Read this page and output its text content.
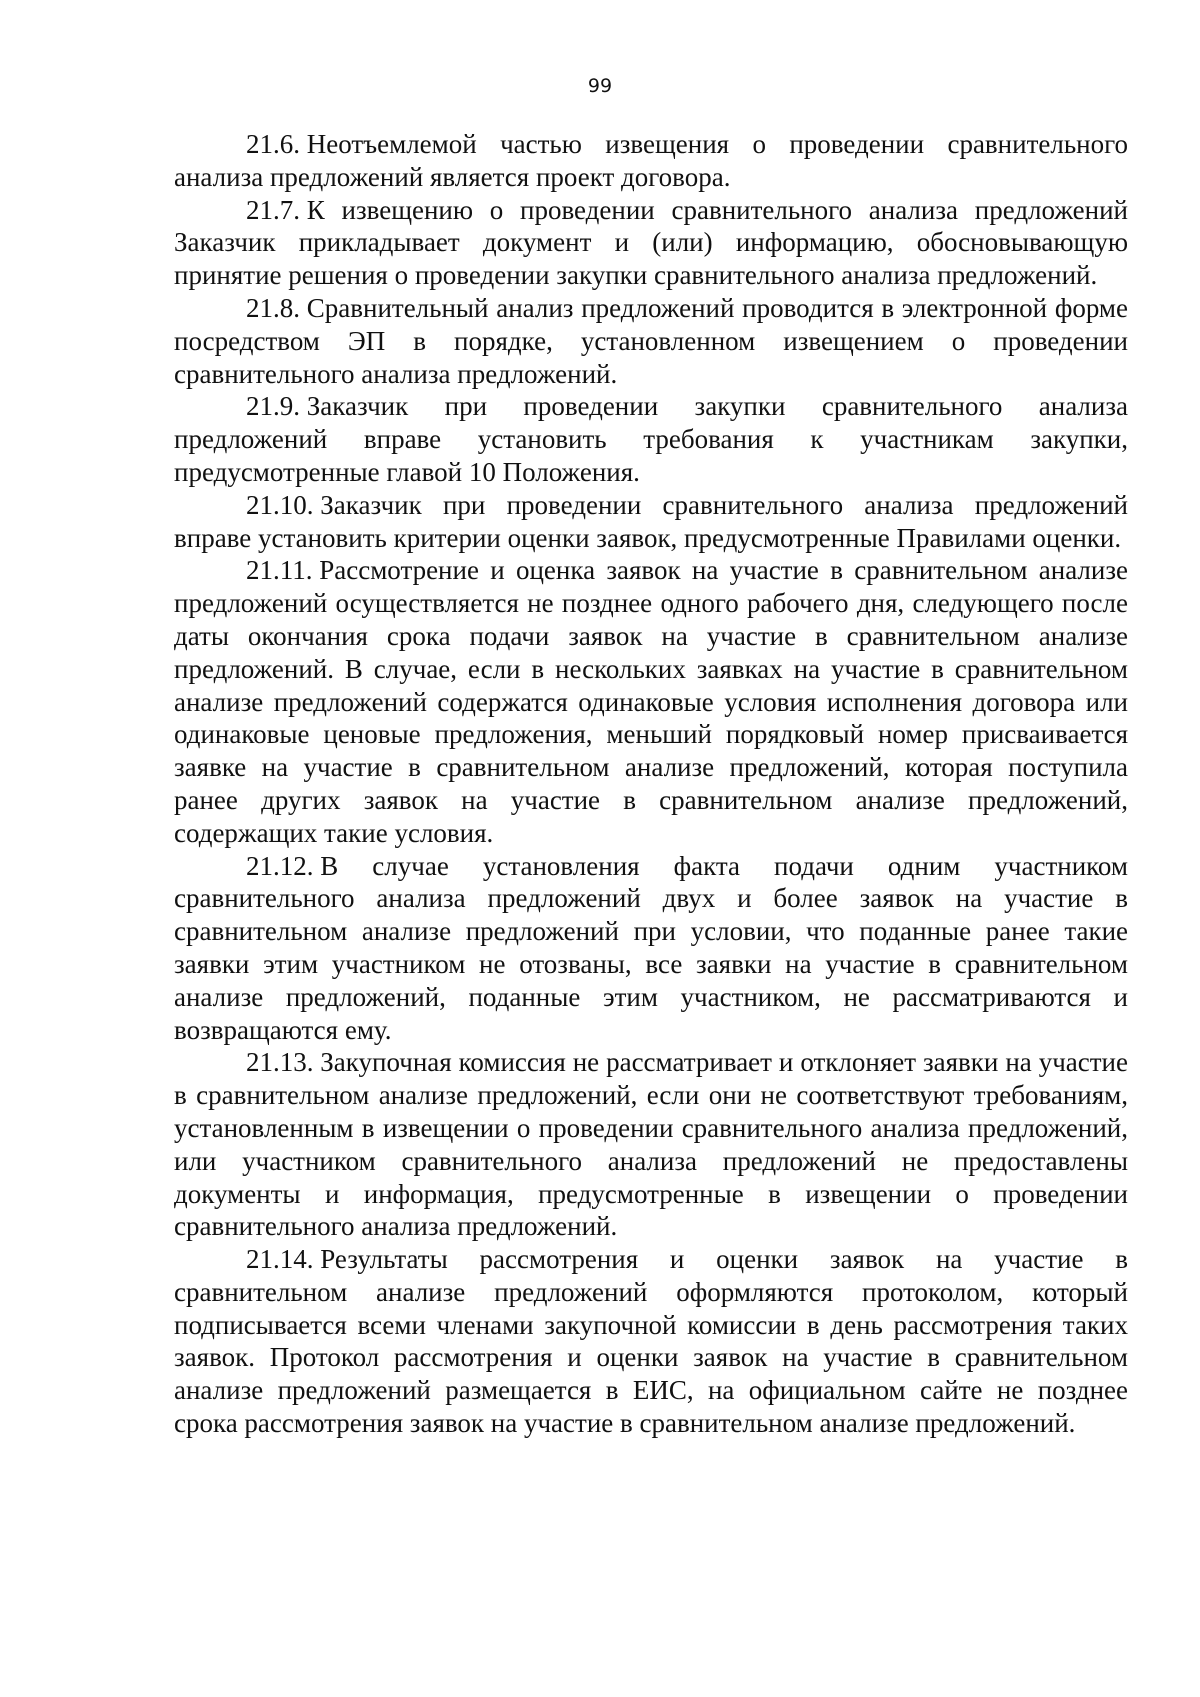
99

21.6. Неотъемлемой частью извещения о проведении сравнительного анализа предложений является проект договора.

21.7. К извещению о проведении сравнительного анализа предложений Заказчик прикладывает документ и (или) информацию, обосновывающую принятие решения о проведении закупки сравнительного анализа предложений.

21.8. Сравнительный анализ предложений проводится в электронной форме посредством ЭП в порядке, установленном извещением о проведении сравнительного анализа предложений.

21.9. Заказчик при проведении закупки сравнительного анализа предложений вправе установить требования к участникам закупки, предусмотренные главой 10 Положения.

21.10. Заказчик при проведении сравнительного анализа предложений вправе установить критерии оценки заявок, предусмотренные Правилами оценки.

21.11. Рассмотрение и оценка заявок на участие в сравнительном анализе предложений осуществляется не позднее одного рабочего дня, следующего после даты окончания срока подачи заявок на участие в сравнительном анализе предложений. В случае, если в нескольких заявках на участие в сравнительном анализе предложений содержатся одинаковые условия исполнения договора или одинаковые ценовые предложения, меньший порядковый номер присваивается заявке на участие в сравнительном анализе предложений, которая поступила ранее других заявок на участие в сравнительном анализе предложений, содержащих такие условия.

21.12. В случае установления факта подачи одним участником сравнительного анализа предложений двух и более заявок на участие в сравнительном анализе предложений при условии, что поданные ранее такие заявки этим участником не отозваны, все заявки на участие в сравнительном анализе предложений, поданные этим участником, не рассматриваются и возвращаются ему.

21.13. Закупочная комиссия не рассматривает и отклоняет заявки на участие в сравнительном анализе предложений, если они не соответствуют требованиям, установленным в извещении о проведении сравнительного анализа предложений, или участником сравнительного анализа предложений не предоставлены документы и информация, предусмотренные в извещении о проведении сравнительного анализа предложений.

21.14. Результаты рассмотрения и оценки заявок на участие в сравнительном анализе предложений оформляются протоколом, который подписывается всеми членами закупочной комиссии в день рассмотрения таких заявок. Протокол рассмотрения и оценки заявок на участие в сравнительном анализе предложений размещается в ЕИС, на официальном сайте не позднее срока рассмотрения заявок на участие в сравнительном анализе предложений.
